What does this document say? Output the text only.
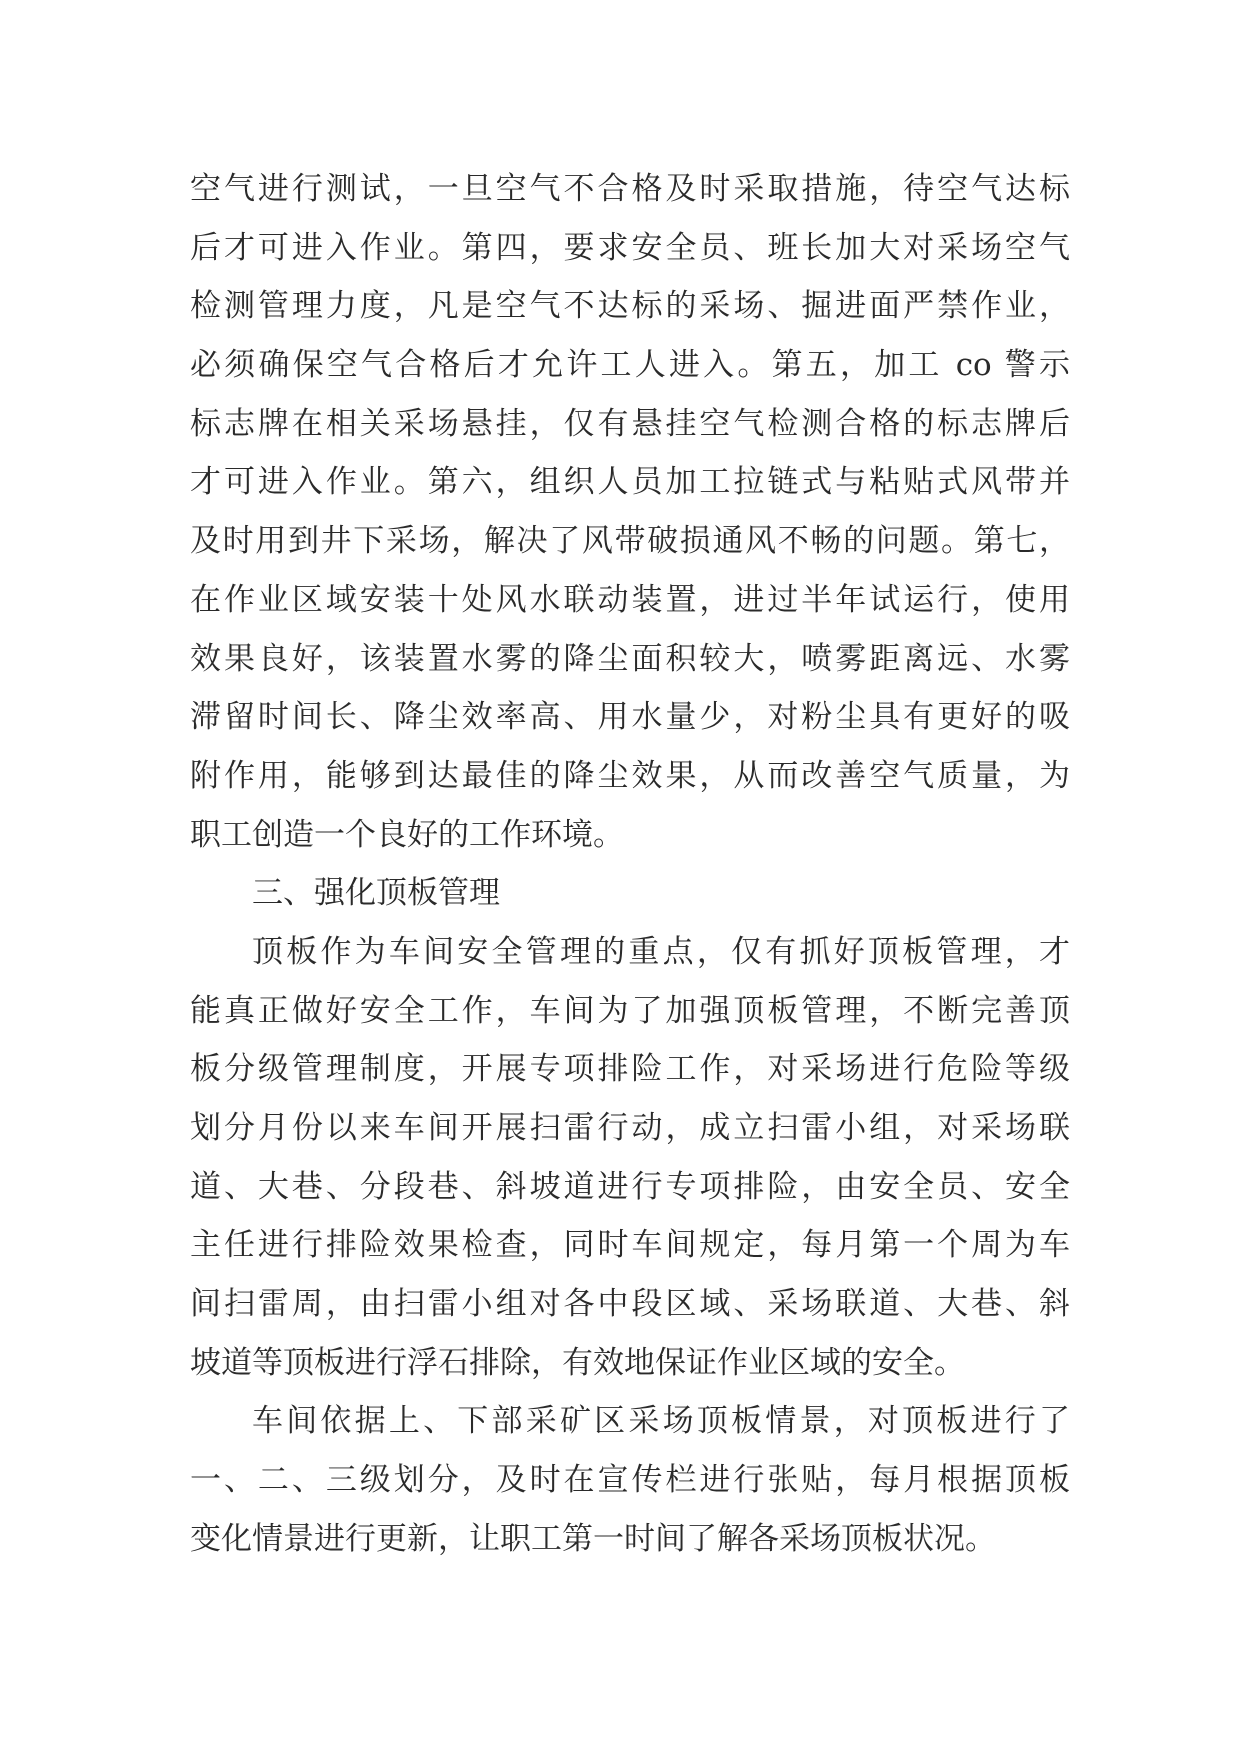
空气进行测试，一旦空气不合格及时采取措施，待空气达标
后才可进入作业。第四，要求安全员、班长加大对采场空气
检测管理力度，凡是空气不达标的采场、掘进面严禁作业，
必须确保空气合格后才允许工人进入。第五，加工 co 警示
标志牌在相关采场悬挂，仅有悬挂空气检测合格的标志牌后
才可进入作业。第六，组织人员加工拉链式与粘贴式风带并
及时用到井下采场，解决了风带破损通风不畅的问题。第七，
在作业区域安装十处风水联动装置，进过半年试运行，使用
效果良好，该装置水雾的降尘面积较大，喷雾距离远、水雾
滞留时间长、降尘效率高、用水量少，对粉尘具有更好的吸
附作用，能够到达最佳的降尘效果，从而改善空气质量，为
职工创造一个良好的工作环境。
三、强化顶板管理
顶板作为车间安全管理的重点，仅有抓好顶板管理，才
能真正做好安全工作，车间为了加强顶板管理，不断完善顶
板分级管理制度，开展专项排险工作，对采场进行危险等级
划分月份以来车间开展扫雷行动，成立扫雷小组，对采场联
道、大巷、分段巷、斜坡道进行专项排险，由安全员、安全
主任进行排险效果检查，同时车间规定，每月第一个周为车
间扫雷周，由扫雷小组对各中段区域、采场联道、大巷、斜
坡道等顶板进行浮石排除，有效地保证作业区域的安全。
车间依据上、下部采矿区采场顶板情景，对顶板进行了
一、二、三级划分，及时在宣传栏进行张贴，每月根据顶板
变化情景进行更新，让职工第一时间了解各采场顶板状况。
